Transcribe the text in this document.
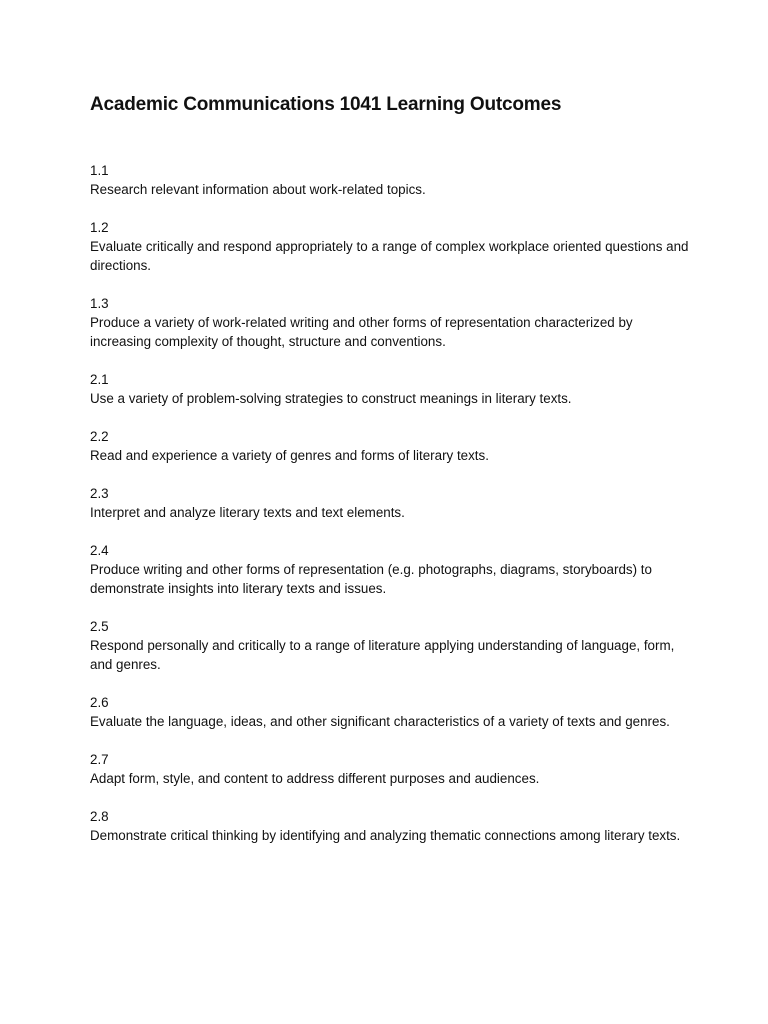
Academic Communications 1041 Learning Outcomes
1.1
Research relevant information about work-related topics.
1.2
Evaluate critically and respond appropriately to a range of complex workplace oriented questions and directions.
1.3
Produce a variety of work-related writing and other forms of representation characterized by increasing complexity of thought, structure and conventions.
2.1
Use a variety of problem-solving strategies to construct meanings in literary texts.
2.2
Read and experience a variety of genres and forms of literary texts.
2.3
Interpret and analyze literary texts and text elements.
2.4
Produce writing and other forms of representation (e.g. photographs, diagrams, storyboards) to demonstrate insights into literary texts and issues.
2.5
Respond personally and critically to a range of literature applying understanding of language, form, and genres.
2.6
Evaluate the language, ideas, and other significant characteristics of a variety of texts and genres.
2.7
Adapt form, style, and content to address different purposes and audiences.
2.8
Demonstrate critical thinking by identifying and analyzing thematic connections among literary texts.
